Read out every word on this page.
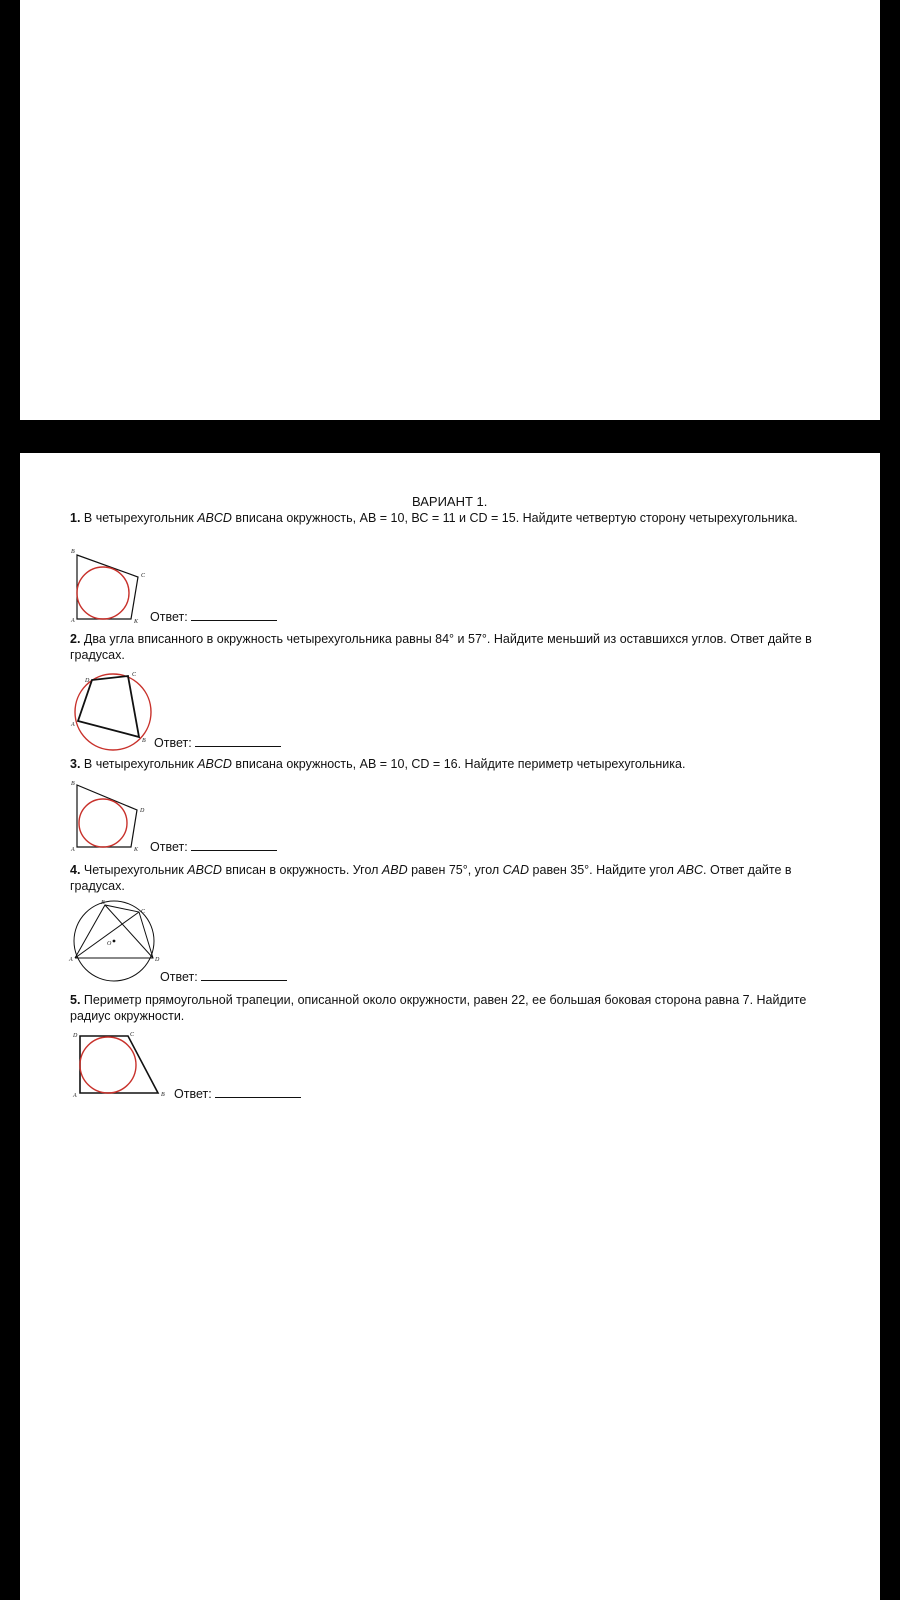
ВАРИАНТ 1.
1. В четырехугольник ABCD вписана окружность, АВ = 10, ВС = 11 и CD = 15. Найдите четвертую сторону четырехугольника.
B
C
A	K Ответ:
2. Два угла вписанного в окружность четырехугольника равны 84° и 57°. Найдите меньший из оставшихся углов. Ответ дайте в градусах.
D
C
A
B Ответ:
3. В четырехугольник ABCD вписана окружность, АВ = 10, CD = 16. Найдите периметр четырехугольника.
B
D
A	K Ответ:
4. Четырехугольник ABCD вписан в окружность. Угол ABD равен 75°, угол CAD равен 35°. Найдите угол ABC. Ответ дайте в градусах.
B
C
O
A	D
Ответ:
5. Периметр прямоугольной трапеции, описанной около окружности, равен 22, ее большая боковая сторона равна 7. Найдите радиус окружности.
D	C
A	B Ответ:
